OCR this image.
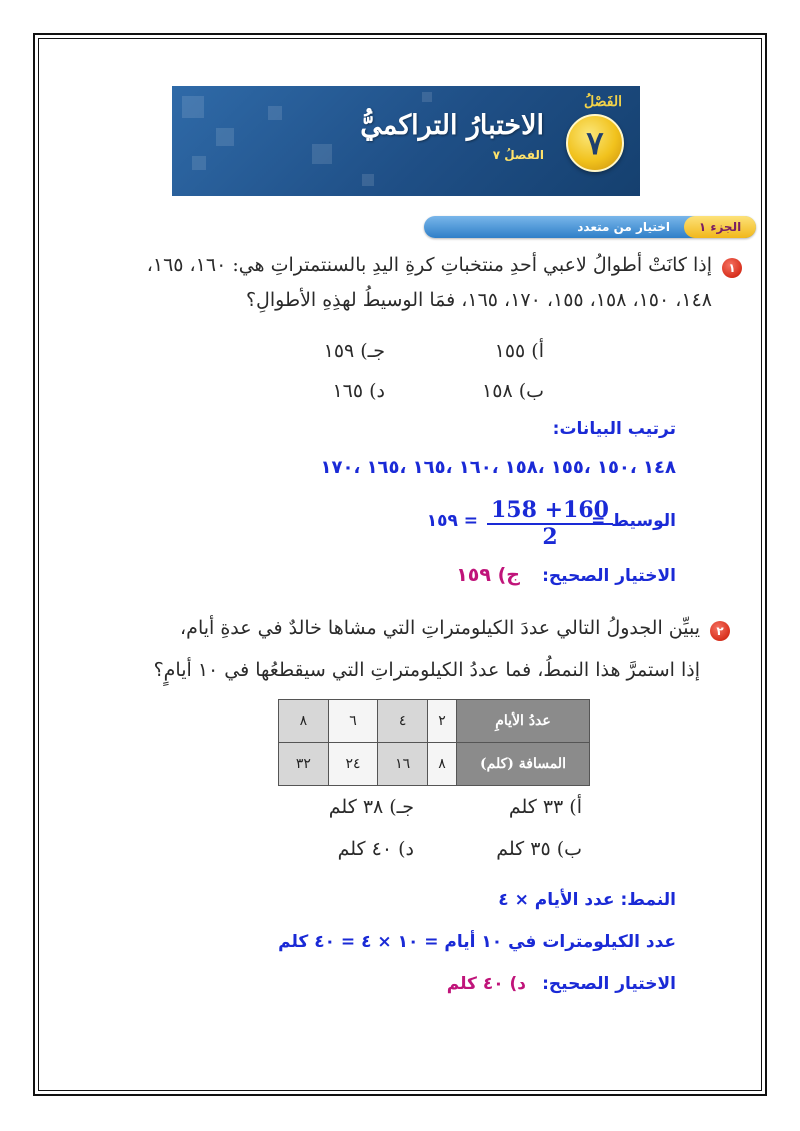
الفَصْلُ
٧
الاختبارُ التراكميُّ
الفصلُ ٧
الجزء ١
اختيار من متعدد
١
إذا كانَتْ أطوالُ لاعبي أحدِ منتخباتِ كرةِ اليدِ بالسنتمتراتِ هي: ١٦٠، ١٦٥،
١٤٨، ١٥٠، ١٥٨، ١٥٥، ١٧٠، ١٦٥، فمَا الوسيطُ لهذِهِ الأطوالِ؟
أ) ١٥٥
جـ) ١٥٩
ب) ١٥٨
د) ١٦٥
ترتيب البيانات:
١٤٨ ،١٥٠ ،١٥٥ ،١٥٨ ،١٦٠ ،١٦٥ ،١٦٥ ،١٧٠
الوسيط =
$\frac{158 +160}{2}$
= ١٥٩
الاختيار الصحيح:
ج) ١٥٩
٢
يبيِّن الجدولُ التالي عددَ الكيلومتراتِ التي مشاها خالدٌ في عدةِ أيام،
إذا استمرَّ هذا النمطُ، فما عددُ الكيلومتراتِ التي سيقطعُها في ١٠ أيامٍ؟
عددُ الأيامِ	٢	٤	٦	٨
المسافة (كلم)	٨	١٦	٢٤	٣٢
أ) ٣٣ كلم
جـ) ٣٨ كلم
ب) ٣٥ كلم
د) ٤٠ كلم
النمط: عدد الأيام × ٤
عدد الكيلومترات في ١٠ أيام = ١٠ × ٤ = ٤٠ كلم
الاختيار الصحيح:
د) ٤٠ كلم
